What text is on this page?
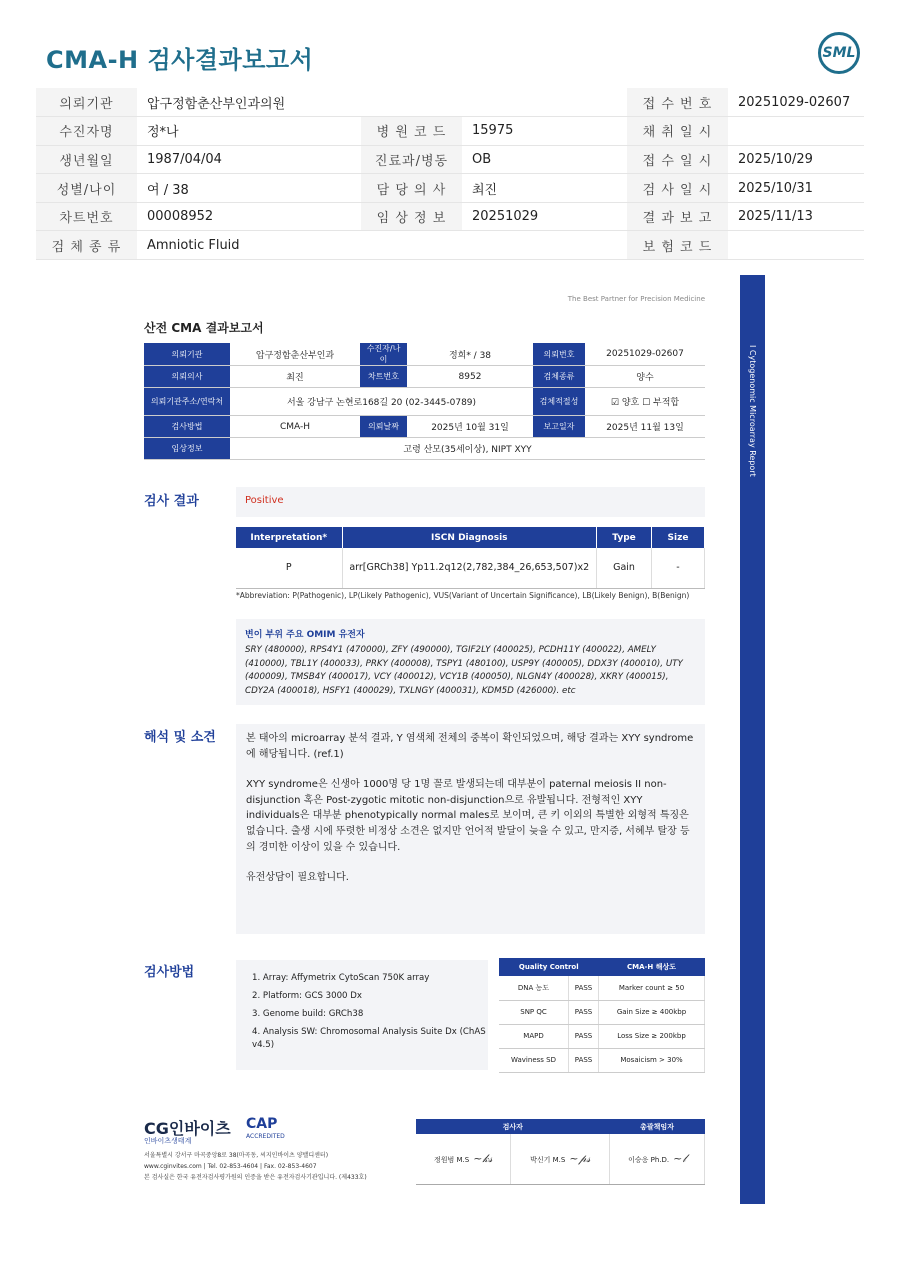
CMA-H 검사결과보고서	SML
의뢰기관	압구정함춘산부인과의원			접 수 번 호	20251029-02607
수진자명	정*나	병 원 코 드	15975	채 취 일 시	
생년월일	1987/04/04	진료과/병동	OB	접 수 일 시	2025/10/29
성별/나이	여 / 38	담 당 의 사	최진	검 사 일 시	2025/10/31
차트번호	00008952	임 상 정 보	20251029	결 과 보 고	2025/11/13
검 체 종 류	Amniotic Fluid			보 험 코 드	
I Cytogenomic Microarray Report
The Best Partner for Precision Medicine
산전 CMA 결과보고서
의뢰기관	압구정함춘산부인과	수진자/나이	정희* / 38	의뢰번호	20251029-02607
의뢰의사	최진	차트번호	8952	검체종류	양수
의뢰기관주소/연락처	서울 강남구 논현로168길 20 (02-3445-0789)			검체적절성	☑ 양호 ☐ 부적합
검사방법	CMA-H	의뢰날짜	2025년 10월 31일	보고일자	2025년 11월 13일
임상정보	고령 산모(35세이상), NIPT XYY				
검사 결과	Positive
Interpretation*	ISCN Diagnosis	Type	Size
P	arr[GRCh38] Yp11.2q12(2,782,384_26,653,507)x2	Gain	-
*Abbreviation: P(Pathogenic), LP(Likely Pathogenic), VUS(Variant of Uncertain Significance), LB(Likely Benign), B(Benign)
변이 부위 주요 OMIM 유전자
SRY (480000), RPS4Y1 (470000), ZFY (490000), TGIF2LY (400025), PCDH11Y (400022), AMELY (410000), TBL1Y (400033), PRKY (400008), TSPY1 (480100), USP9Y (400005), DDX3Y (400010), UTY (400009), TMSB4Y (400017), VCY (400012), VCY1B (400050), NLGN4Y (400028), XKRY (400015), CDY2A (400018), HSFY1 (400029), TXLNGY (400031), KDM5D (426000). etc
해석 및 소견	본 태아의 microarray 분석 결과, Y 염색체 전체의 중복이 확인되었으며, 해당 결과는 XYY syndrome에 해당됩니다. (ref.1)

XYY syndrome은 신생아 1000명 당 1명 꼴로 발생되는데 대부분이 paternal meiosis II non-disjunction 혹은 Post-zygotic mitotic non-disjunction으로 유발됩니다. 전형적인 XYY individuals은 대부분 phenotypically normal males로 보이며, 큰 키 이외의 특별한 외형적 특징은 없습니다. 출생 시에 뚜렷한 비정상 소견은 없지만 언어적 발달이 늦을 수 있고, 만지증, 서혜부 탈장 등의 경미한 이상이 있을 수 있습니다.

유전상담이 필요합니다.

검사방법	1. Array: Affymetrix CytoScan 750K array
2. Platform: GCS 3000 Dx
3. Genome build: GRCh38
4. Analysis SW: Chromosomal Analysis Suite Dx (ChAS v4.5)
Quality Control		CMA-H 해상도
DNA 농도	PASS	Marker count ≥ 50
SNP QC	PASS	Gain Size ≥ 400kbp
MAPD	PASS	Loss Size ≥ 200kbp
Waviness SD	PASS	Mosaicism > 30%
CG인바이츠
인바이츠생태계
CAP
ACCREDITED
서울특별시 강서구 마곡중앙8로 38(마곡동, 씨지인바이츠 양밸디센터)
www.cginvites.com | Tel. 02-853-4604 | Fax. 02-853-4607
본 검사실은 한국 유전자검사평가원의 인증을 받은 유전자검사기관입니다. (제433호)
검사자		총괄책임자
정원범 M.S ~𝓀𝓈	박신기 M.S ~𝓅𝓈	이승응 Ph.D. ~𝓁
